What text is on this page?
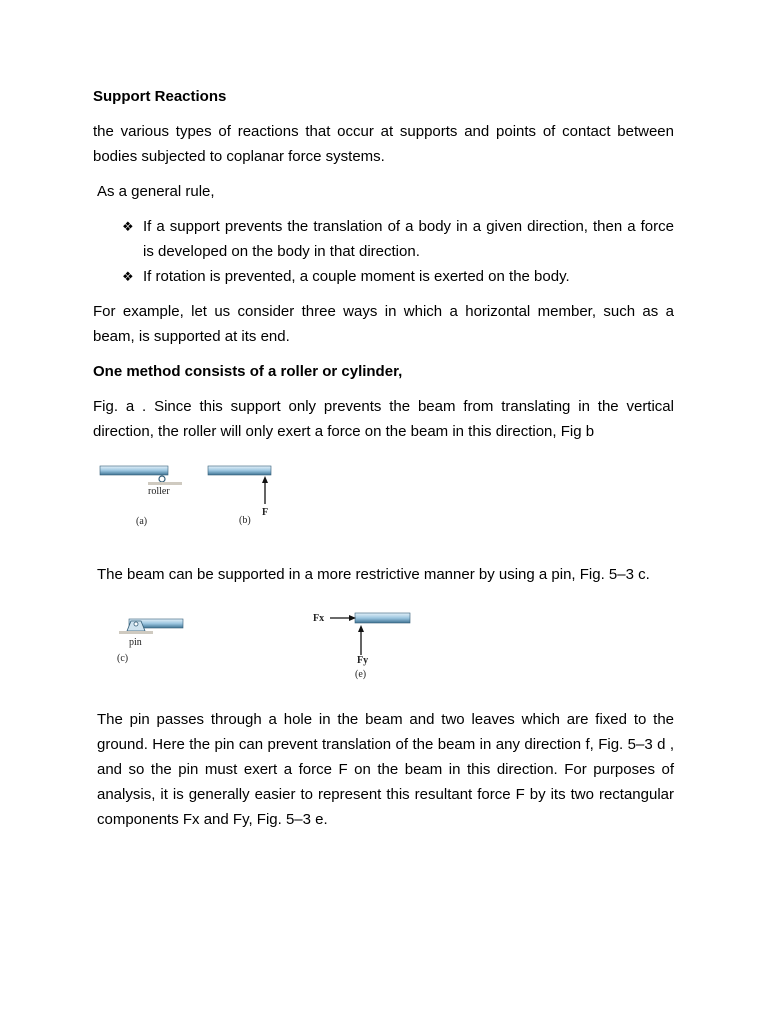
Support Reactions

the various types of reactions that occur at supports and points of contact between bodies subjected to coplanar force systems.

As a general rule,

❖ If a support prevents the translation of a body in a given direction, then a force is developed on the body in that direction.
❖ If rotation is prevented, a couple moment is exerted on the body.

For example, let us consider three ways in which a horizontal member, such as a beam, is supported at its end.

One method consists of a roller or cylinder,

Fig. a . Since this support only prevents the beam from translating in the vertical direction, the roller will only exert a force on the beam in this direction, Fig b

roller
(a)
F
(b)

The beam can be supported in a more restrictive manner by using a pin, Fig. 5–3 c.

pin
(c)
Fx
Fy
(e)

The pin passes through a hole in the beam and two leaves which are fixed to the ground. Here the pin can prevent translation of the beam in any direction f, Fig. 5–3 d , and so the pin must exert a force F on the beam in this direction. For purposes of analysis, it is generally easier to represent this resultant force F by its two rectangular components Fx and Fy, Fig. 5–3 e.
